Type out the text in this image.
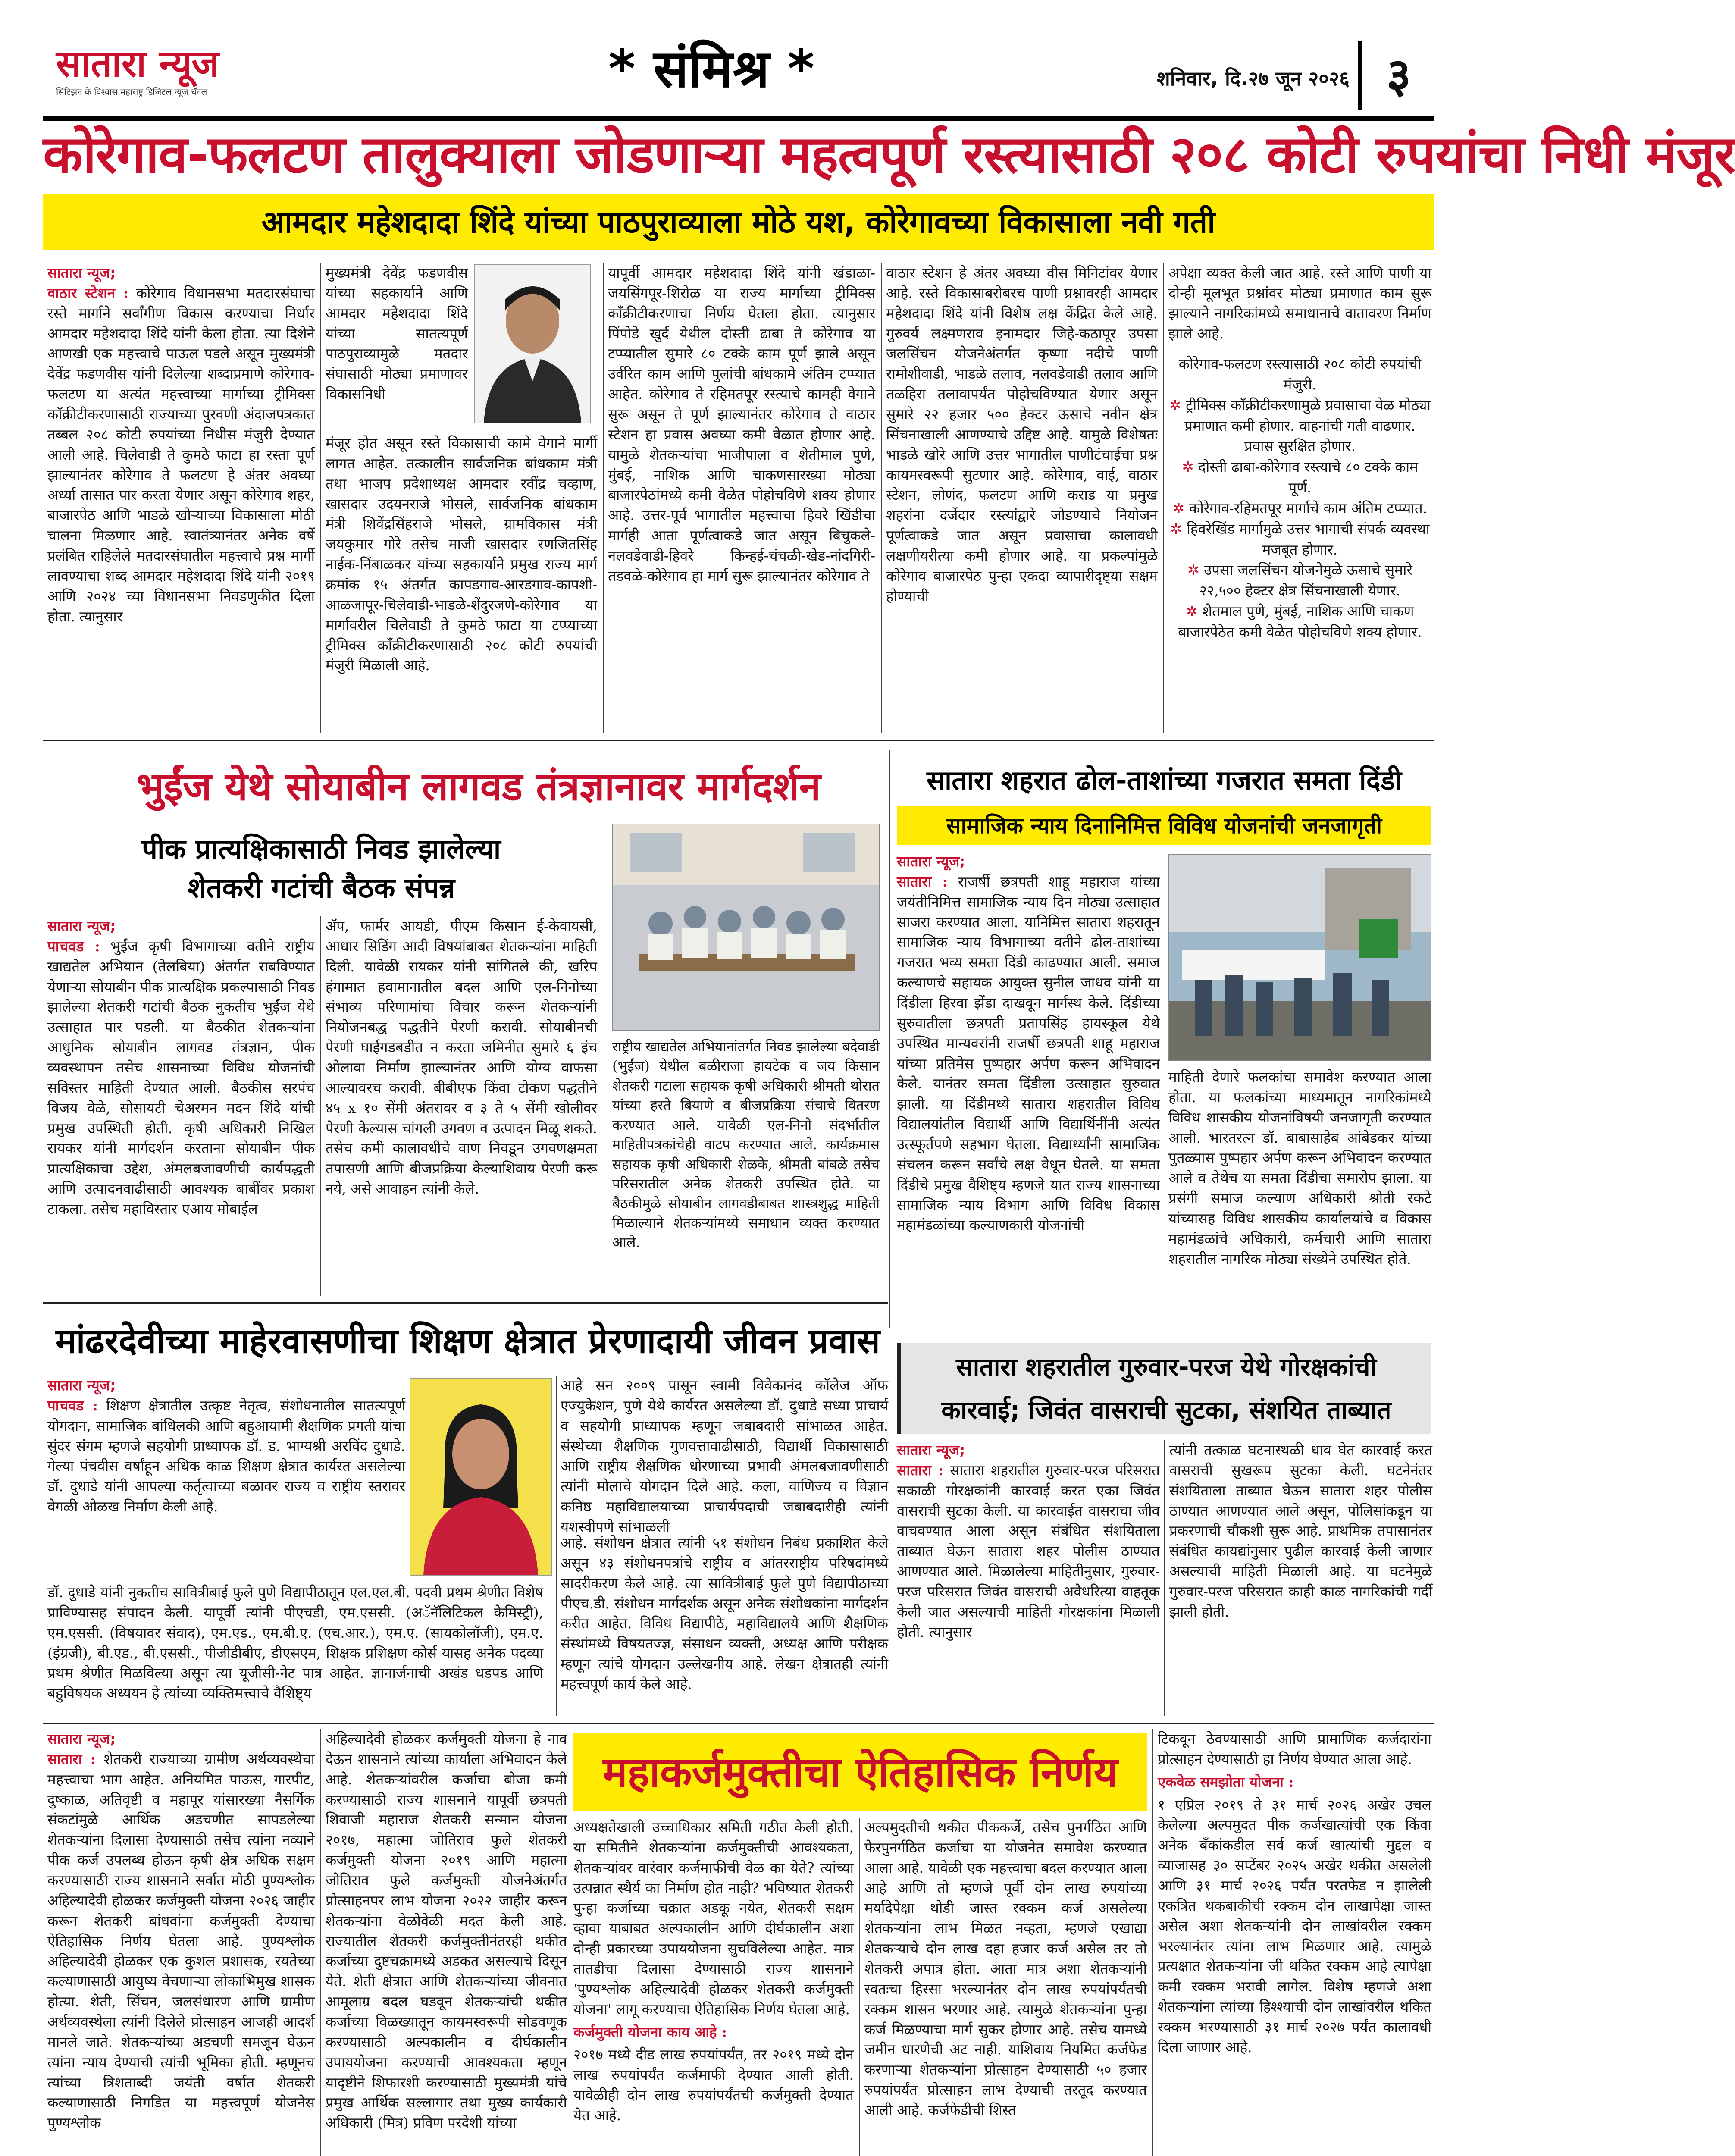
सातारा न्यूज
सिटिझन के विश्वास महाराष्ट्र डिजिटल न्यूज चॅनल	* संमिश्र *	शनिवार, दि.२७ जून २०२६ ३
कोरेगाव-फलटण तालुक्याला जोडणाऱ्या महत्वपूर्ण रस्त्यासाठी २०८ कोटी रुपयांचा निधी मंजूर
आमदार महेशदादा शिंदे यांच्या पाठपुराव्याला मोठे यश, कोरेगावच्या विकासाला नवी गती

सातारा न्यूज;
वाठार स्टेशन : कोरेगाव विधानसभा मतदारसंघाचा रस्ते मार्गाने सर्वांगीण विकास करण्याचा निर्धार आमदार महेशदादा शिंदे यांनी केला होता. त्या दिशेने आणखी एक महत्त्वाचे पाऊल पडले असून मुख्यमंत्री देवेंद्र फडणवीस यांनी दिलेल्या शब्दाप्रमाणे कोरेगाव-फलटण या अत्यंत महत्त्वाच्या मार्गाच्या ट्रीमिक्स काँक्रीटीकरणासाठी राज्याच्या पुरवणी अंदाजपत्रकात तब्बल २०८ कोटी रुपयांच्या निधीस मंजुरी देण्यात आली आहे. चिलेवाडी ते कुमठे फाटा हा रस्ता पूर्ण झाल्यानंतर कोरेगाव ते फलटण हे अंतर अवघ्या अर्ध्या तासात पार करता येणार असून कोरेगाव शहर, बाजारपेठ आणि भाडळे खोऱ्याच्या विकासाला मोठी चालना मिळणार आहे. स्वातंत्र्यानंतर अनेक वर्षे प्रलंबित राहिलेले मतदारसंघातील महत्त्वाचे प्रश्न मार्गी लावण्याचा शब्द आमदार महेशदादा शिंदे यांनी २०१९ आणि २०२४ च्या विधानसभा निवडणुकीत दिला होता. त्यानुसार

मुख्यमंत्री देवेंद्र फडणवीस यांच्या सहकार्याने आणि आमदार महेशदादा शिंदे यांच्या सातत्यपूर्ण पाठपुराव्यामुळे मतदार संघासाठी मोठ्या प्रमाणावर विकासनिधी
मंजूर होत असून रस्ते विकासाची कामे वेगाने मार्गी लागत आहेत. तत्कालीन सार्वजनिक बांधकाम मंत्री तथा भाजप प्रदेशाध्यक्ष आमदार रवींद्र चव्हाण, खासदार उदयनराजे भोसले, सार्वजनिक बांधकाम मंत्री शिवेंद्रसिंहराजे भोसले, ग्रामविकास मंत्री जयकुमार गोरे तसेच माजी खासदार रणजितसिंह नाईक-निंबाळकर यांच्या सहकार्याने प्रमुख राज्य मार्ग क्रमांक १५ अंतर्गत कापडगाव-आरडगाव-कापशी-आळजापूर-चिलेवाडी-भाडळे-शेंदुरजणे-कोरेगाव या मार्गावरील चिलेवाडी ते कुमठे फाटा या टप्प्याच्या ट्रीमिक्स काँक्रीटीकरणासाठी २०८ कोटी रुपयांची मंजुरी मिळाली आहे.
यापूर्वी आमदार महेशदादा शिंदे यांनी खंडाळा-जयसिंगपूर-शिरोळ या राज्य मार्गाच्या ट्रीमिक्स काँक्रीटीकरणाचा निर्णय घेतला होता. त्यानुसार पिंपोडे खुर्द येथील दोस्ती ढाबा ते कोरेगाव या टप्प्यातील सुमारे ८० टक्के काम पूर्ण झाले असून उर्वरित काम आणि पुलांची बांधकामे अंतिम टप्प्यात आहेत. कोरेगाव ते रहिमतपूर रस्त्याचे कामही वेगाने सुरू असून ते पूर्ण झाल्यानंतर कोरेगाव ते वाठार स्टेशन हा प्रवास अवघ्या कमी वेळात होणार आहे. यामुळे शेतकऱ्यांचा भाजीपाला व शेतीमाल पुणे, मुंबई, नाशिक आणि चाकणसारख्या मोठ्या बाजारपेठांमध्ये कमी वेळेत पोहोचविणे शक्य होणार आहे. उत्तर-पूर्व भागातील महत्त्वाचा हिवरे खिंडीचा मार्गही आता पूर्णत्वाकडे जात असून बिचुकले-नलवडेवाडी-हिवरे किन्हई-चंचळी-खेड-नांदगिरी-तडवळे-कोरेगाव हा मार्ग सुरू झाल्यानंतर कोरेगाव ते
वाठार स्टेशन हे अंतर अवघ्या वीस मिनिटांवर येणार आहे. रस्ते विकासाबरोबरच पाणी प्रश्नावरही आमदार महेशदादा शिंदे यांनी विशेष लक्ष केंद्रित केले आहे. गुरुवर्य लक्ष्मणराव इनामदार जिहे-कठापूर उपसा जलसिंचन योजनेअंतर्गत कृष्णा नदीचे पाणी रामोशीवाडी, भाडळे तलाव, नलवडेवाडी तलाव आणि तळहिरा तलावापर्यंत पोहोचविण्यात येणार असून सुमारे २२ हजार ५०० हेक्टर ऊसाचे नवीन क्षेत्र सिंचनाखाली आणण्याचे उद्दिष्ट आहे. यामुळे विशेषतः भाडळे खोरे आणि उत्तर भागातील पाणीटंचाईचा प्रश्न कायमस्वरूपी सुटणार आहे. कोरेगाव, वाई, वाठार स्टेशन, लोणंद, फलटण आणि कराड या प्रमुख शहरांना दर्जेदार रस्त्यांद्वारे जोडण्याचे नियोजन पूर्णत्वाकडे जात असून प्रवासाचा कालावधी लक्षणीयरीत्या कमी होणार आहे. या प्रकल्पांमुळे कोरेगाव बाजारपेठ पुन्हा एकदा व्यापारीदृष्ट्या सक्षम होण्याची
अपेक्षा व्यक्त केली जात आहे. रस्ते आणि पाणी या दोन्ही मूलभूत प्रश्नांवर मोठ्या प्रमाणात काम सुरू झाल्याने नागरिकांमध्ये समाधानाचे वातावरण निर्माण झाले आहे.
कोरेगाव-फलटण रस्त्यासाठी २०८ कोटी रुपयांची मंजुरी.
✲ ट्रीमिक्स काँक्रीटीकरणामुळे प्रवासाचा वेळ मोठ्या प्रमाणात कमी होणार. वाहनांची गती वाढणार. प्रवास सुरक्षित होणार.
✲ दोस्ती ढाबा-कोरेगाव रस्त्याचे ८० टक्के काम पूर्ण.
✲ कोरेगाव-रहिमतपूर मार्गाचे काम अंतिम टप्प्यात.
✲ हिवरेखिंड मार्गामुळे उत्तर भागाची संपर्क व्यवस्था मजबूत होणार.
✲ उपसा जलसिंचन योजनेमुळे ऊसाचे सुमारे २२,५०० हेक्टर क्षेत्र सिंचनाखाली येणार.
✲ शेतमाल पुणे, मुंबई, नाशिक आणि चाकण बाजारपेठेत कमी वेळेत पोहोचविणे शक्य होणार.
भुईंज येथे सोयाबीन लागवड तंत्रज्ञानावर मार्गदर्शन
पीक प्रात्यक्षिकासाठी निवड झालेल्या
शेतकरी गटांची बैठक संपन्न

सातारा न्यूज;
पाचवड : भुईंज कृषी विभागाच्या वतीने राष्ट्रीय खाद्यतेल अभियान (तेलबिया) अंतर्गत राबविण्यात येणाऱ्या सोयाबीन पीक प्रात्यक्षिक प्रकल्पासाठी निवड झालेल्या शेतकरी गटांची बैठक नुकतीच भुईंज येथे उत्साहात पार पडली. या बैठकीत शेतकऱ्यांना आधुनिक सोयाबीन लागवड तंत्रज्ञान, पीक व्यवस्थापन तसेच शासनाच्या विविध योजनांची सविस्तर माहिती देण्यात आली. बैठकीस सरपंच विजय वेळे, सोसायटी चेअरमन मदन शिंदे यांची प्रमुख उपस्थिती होती. कृषी अधिकारी निखिल रायकर यांनी मार्गदर्शन करताना सोयाबीन पीक प्रात्यक्षिकाचा उद्देश, अंमलबजावणीची कार्यपद्धती आणि उत्पादनवाढीसाठी आवश्यक बाबींवर प्रकाश टाकला. तसेच महाविस्तार एआय मोबाईल

ॲप, फार्मर आयडी, पीएम किसान ई-केवायसी, आधार सिडिंग आदी विषयांबाबत शेतकऱ्यांना माहिती दिली. यावेळी रायकर यांनी सांगितले की, खरिप हंगामात हवामानातील बदल आणि एल-निनोच्या संभाव्य परिणामांचा विचार करून शेतकऱ्यांनी नियोजनबद्ध पद्धतीने पेरणी करावी. सोयाबीनची पेरणी घाईगडबडीत न करता जमिनीत सुमारे ६ इंच ओलावा निर्माण झाल्यानंतर आणि योग्य वाफसा आल्यावरच करावी. बीबीएफ किंवा टोकण पद्धतीने ४५ x १० सेंमी अंतरावर व ३ ते ५ सेंमी खोलीवर पेरणी केल्यास चांगली उगवण व उत्पादन मिळू शकते. तसेच कमी कालावधीचे वाण निवडून उगवणक्षमता तपासणी आणि बीजप्रक्रिया केल्याशिवाय पेरणी करू नये, असे आवाहन त्यांनी केले.
राष्ट्रीय खाद्यतेल अभियानांतर्गत निवड झालेल्या बदेवाडी (भुईंज) येथील बळीराजा हायटेक व जय किसान शेतकरी गटाला सहायक कृषी अधिकारी श्रीमती थोरात यांच्या हस्ते बियाणे व बीजप्रक्रिया संचाचे वितरण करण्यात आले. यावेळी एल-निनो संदर्भातील माहितीपत्रकांचेही वाटप करण्यात आले. कार्यक्रमास सहायक कृषी अधिकारी शेळके, श्रीमती बांबळे तसेच परिसरातील अनेक शेतकरी उपस्थित होते. या बैठकीमुळे सोयाबीन लागवडीबाबत शास्त्रशुद्ध माहिती मिळाल्याने शेतकऱ्यांमध्ये समाधान व्यक्त करण्यात आले.
सातारा शहरात ढोल-ताशांच्या गजरात समता दिंडी
सामाजिक न्याय दिनानिमित्त विविध योजनांची जनजागृती

सातारा न्यूज;
सातारा : राजर्षी छत्रपती शाहू महाराज यांच्या जयंतीनिमित्त सामाजिक न्याय दिन मोठ्या उत्साहात साजरा करण्यात आला. यानिमित्त सातारा शहरातून सामाजिक न्याय विभागाच्या वतीने ढोल-ताशांच्या गजरात भव्य समता दिंडी काढण्यात आली. समाज कल्याणचे सहायक आयुक्त सुनील जाधव यांनी या दिंडीला हिरवा झेंडा दाखवून मार्गस्थ केले. दिंडीच्या सुरुवातीला छत्रपती प्रतापसिंह हायस्कूल येथे उपस्थित मान्यवरांनी राजर्षी छत्रपती शाहू महाराज यांच्या प्रतिमेस पुष्पहार अर्पण करून अभिवादन केले. यानंतर समता दिंडीला उत्साहात सुरुवात झाली. या दिंडीमध्ये सातारा शहरातील विविध विद्यालयांतील विद्यार्थी आणि विद्यार्थिनींनी अत्यंत उत्स्फूर्तपणे सहभाग घेतला. विद्यार्थ्यांनी सामाजिक संचलन करून सर्वांचे लक्ष वेधून घेतले. या समता दिंडीचे प्रमुख वैशिष्ट्य म्हणजे यात राज्य शासनाच्या सामाजिक न्याय विभाग आणि विविध विकास महामंडळांच्या कल्याणकारी योजनांची

माहिती देणारे फलकांचा समावेश करण्यात आला होता. या फलकांच्या माध्यमातून नागरिकांमध्ये विविध शासकीय योजनांविषयी जनजागृती करण्यात आली. भारतरत्न डॉ. बाबासाहेब आंबेडकर यांच्या पुतळ्यास पुष्पहार अर्पण करून अभिवादन करण्यात आले व तेथेच या समता दिंडीचा समारोप झाला. या प्रसंगी समाज कल्याण अधिकारी श्रोती रकटे यांच्यासह विविध शासकीय कार्यालयांचे व विकास महामंडळांचे अधिकारी, कर्मचारी आणि सातारा शहरातील नागरिक मोठ्या संख्येने उपस्थित होते.
मांढरदेवीच्या माहेरवासणीचा शिक्षण क्षेत्रात प्रेरणादायी जीवन प्रवास

सातारा न्यूज;
पाचवड : शिक्षण क्षेत्रातील उत्कृष्ट नेतृत्व, संशोधनातील सातत्यपूर्ण योगदान, सामाजिक बांधिलकी आणि बहुआयामी शैक्षणिक प्रगती यांचा सुंदर संगम म्हणजे सहयोगी प्राध्यापक डॉ. ड. भाग्यश्री अरविंद दुधाडे. गेल्या पंचवीस वर्षांहून अधिक काळ शिक्षण क्षेत्रात कार्यरत असलेल्या डॉ. दुधाडे यांनी आपल्या कर्तृत्वाच्या बळावर राज्य व राष्ट्रीय स्तरावर वेगळी ओळख निर्माण केली आहे.

डॉ. दुधाडे यांनी नुकतीच सावित्रीबाई फुले पुणे विद्यापीठातून एल.एल.बी. पदवी प्रथम श्रेणीत विशेष प्राविण्यासह संपादन केली. यापूर्वी त्यांनी पीएचडी, एम.एससी. (अॅनॅलिटिकल केमिस्ट्री), एम.एससी. (विषयावर संवाद), एम.एड., एम.बी.ए. (एच.आर.), एम.ए. (सायकोलॉजी), एम.ए. (इंग्रजी), बी.एड., बी.एससी., पीजीडीबीए, डीएसएम, शिक्षक प्रशिक्षण कोर्स यासह अनेक पदव्या प्रथम श्रेणीत मिळविल्या असून त्या यूजीसी-नेट पात्र आहेत. ज्ञानार्जनाची अखंड धडपड आणि बहुविषयक अध्ययन हे त्यांच्या व्यक्तिमत्त्वाचे वैशिष्ट्य
आहे सन २००९ पासून स्वामी विवेकानंद कॉलेज ऑफ एज्युकेशन, पुणे येथे कार्यरत असलेल्या डॉ. दुधाडे सध्या प्राचार्य व सहयोगी प्राध्यापक म्हणून जबाबदारी सांभाळत आहेत. संस्थेच्या शैक्षणिक गुणवत्तावाढीसाठी, विद्यार्थी विकासासाठी आणि राष्ट्रीय शैक्षणिक धोरणाच्या प्रभावी अंमलबजावणीसाठी त्यांनी मोलाचे योगदान दिले आहे. कला, वाणिज्य व विज्ञान कनिष्ठ महाविद्यालयाच्या प्राचार्यपदाची जबाबदारीही त्यांनी यशस्वीपणे सांभाळली
आहे. संशोधन क्षेत्रात त्यांनी ५१ संशोधन निबंध प्रकाशित केले असून ४३ संशोधनपत्रांचे राष्ट्रीय व आंतरराष्ट्रीय परिषदांमध्ये सादरीकरण केले आहे. त्या सावित्रीबाई फुले पुणे विद्यापीठाच्या पीएच.डी. संशोधन मार्गदर्शक असून अनेक संशोधकांना मार्गदर्शन करीत आहेत. विविध विद्यापीठे, महाविद्यालये आणि शैक्षणिक संस्थांमध्ये विषयतज्ज्ञ, संसाधन व्यक्ती, अध्यक्ष आणि परीक्षक म्हणून त्यांचे योगदान उल्लेखनीय आहे. लेखन क्षेत्रातही त्यांनी महत्त्वपूर्ण कार्य केले आहे.
सातारा शहरातील गुरुवार-परज येथे गोरक्षकांची
कारवाई; जिवंत वासराची सुटका, संशयित ताब्यात

सातारा न्यूज;
सातारा : सातारा शहरातील गुरुवार-परज परिसरात सकाळी गोरक्षकांनी कारवाई करत एका जिवंत वासराची सुटका केली. या कारवाईत वासराचा जीव वाचवण्यात आला असून संबंधित संशयिताला ताब्यात घेऊन सातारा शहर पोलीस ठाण्यात आणण्यात आले. मिळालेल्या माहितीनुसार, गुरुवार-परज परिसरात जिवंत वासराची अवैधरित्या वाहतूक केली जात असल्याची माहिती गोरक्षकांना मिळाली होती. त्यानुसार

त्यांनी तत्काळ घटनास्थळी धाव घेत कारवाई करत वासराची सुखरूप सुटका केली. घटनेनंतर संशयिताला ताब्यात घेऊन सातारा शहर पोलीस ठाण्यात आणण्यात आले असून, पोलिसांकडून या प्रकरणाची चौकशी सुरू आहे. प्राथमिक तपासानंतर संबंधित कायद्यांनुसार पुढील कारवाई केली जाणार असल्याची माहिती मिळाली आहे. या घटनेमुळे गुरुवार-परज परिसरात काही काळ नागरिकांची गर्दी झाली होती.

सातारा न्यूज;
सातारा : शेतकरी राज्याच्या ग्रामीण अर्थव्यवस्थेचा महत्त्वाचा भाग आहेत. अनियमित पाऊस, गारपीट, दुष्काळ, अतिवृष्टी व महापूर यांसारख्या नैसर्गिक संकटांमुळे आर्थिक अडचणीत सापडलेल्या शेतकऱ्यांना दिलासा देण्यासाठी तसेच त्यांना नव्याने पीक कर्ज उपलब्ध होऊन कृषी क्षेत्र अधिक सक्षम करण्यासाठी राज्य शासनाने सर्वात मोठी पुण्यश्लोक अहिल्यादेवी होळकर कर्जमुक्ती योजना २०२६ जाहीर करून शेतकरी बांधवांना कर्जमुक्ती देण्याचा ऐतिहासिक निर्णय घेतला आहे. पुण्यश्लोक अहिल्यादेवी होळकर एक कुशल प्रशासक, रयतेच्या कल्याणासाठी आयुष्य वेचणाऱ्या लोकाभिमुख शासक होत्या. शेती, सिंचन, जलसंधारण आणि ग्रामीण अर्थव्यवस्थेला त्यांनी दिलेले प्रोत्साहन आजही आदर्श मानले जाते. शेतकऱ्यांच्या अडचणी समजून घेऊन त्यांना न्याय देण्याची त्यांची भूमिका होती. म्हणूनच त्यांच्या त्रिशताब्दी जयंती वर्षात शेतकरी कल्याणासाठी निगडित या महत्त्वपूर्ण योजनेस पुण्यश्लोक

अहिल्यादेवी होळकर कर्जमुक्ती योजना हे नाव देऊन शासनाने त्यांच्या कार्याला अभिवादन केले आहे. शेतकऱ्यांवरील कर्जाचा बोजा कमी करण्यासाठी राज्य शासनाने यापूर्वी छत्रपती शिवाजी महाराज शेतकरी सन्मान योजना २०१७, महात्मा जोतिराव फुले शेतकरी कर्जमुक्ती योजना २०१९ आणि महात्मा जोतिराव फुले कर्जमुक्ती योजनेअंतर्गत प्रोत्साहनपर लाभ योजना २०२२ जाहीर करून शेतकऱ्यांना वेळोवेळी मदत केली आहे. राज्यातील शेतकरी कर्जमुक्तीनंतरही थकीत कर्जाच्या दुष्टचक्रामध्ये अडकत असल्याचे दिसून येते. शेती क्षेत्रात आणि शेतकऱ्यांच्या जीवनात आमूलाग्र बदल घडवून शेतकऱ्यांची थकीत कर्जाच्या विळख्यातून कायमस्वरूपी सोडवणूक करण्यासाठी अल्पकालीन व दीर्घकालीन उपाययोजना करण्याची आवश्यकता म्हणून यादृष्टीने शिफारशी करण्यासाठी मुख्यमंत्री यांचे प्रमुख आर्थिक सल्लागार तथा मुख्य कार्यकारी अधिकारी (मित्र) प्रविण परदेशी यांच्या
महाकर्जमुक्तीचा ऐतिहासिक निर्णय

अध्यक्षतेखाली उच्चाधिकार समिती गठीत केली होती. या समितीने शेतकऱ्यांना कर्जमुक्तीची आवश्यकता, शेतकऱ्यांवर वारंवार कर्जमाफीची वेळ का येते? त्यांच्या उत्पन्नात स्थैर्य का निर्माण होत नाही? भविष्यात शेतकरी पुन्हा कर्जाच्या चक्रात अडकू नयेत, शेतकरी सक्षम व्हावा याबाबत अल्पकालीन आणि दीर्घकालीन अशा दोन्ही प्रकारच्या उपाययोजना सुचविलेल्या आहेत. मात्र तातडीचा दिलासा देण्यासाठी राज्य शासनाने 'पुण्यश्लोक अहिल्यादेवी होळकर शेतकरी कर्जमुक्ती योजना' लागू करण्याचा ऐतिहासिक निर्णय घेतला आहे.

कर्जमुक्ती योजना काय आहे :

२०१७ मध्ये दीड लाख रुपयांपर्यंत, तर २०१९ मध्ये दोन लाख रुपयांपर्यंत कर्जमाफी देण्यात आली होती. यावेळीही दोन लाख रुपयांपर्यंतची कर्जमुक्ती देण्यात येत आहे.

अल्पमुदतीची थकीत पीककर्जे, तसेच पुनर्गठित आणि फेरपुनर्गठित कर्जाचा या योजनेत समावेश करण्यात आला आहे. यावेळी एक महत्त्वाचा बदल करण्यात आला आहे आणि तो म्हणजे पूर्वी दोन लाख रुपयांच्या मर्यादेपेक्षा थोडी जास्त रक्कम कर्ज असलेल्या शेतकऱ्यांना लाभ मिळत नव्हता, म्हणजे एखाद्या शेतकऱ्याचे दोन लाख दहा हजार कर्ज असेल तर तो शेतकरी अपात्र होता. आता मात्र अशा शेतकऱ्यांनी स्वतःचा हिस्सा भरल्यानंतर दोन लाख रुपयांपर्यंतची रक्कम शासन भरणार आहे. त्यामुळे शेतकऱ्यांना पुन्हा कर्ज मिळण्याचा मार्ग सुकर होणार आहे. तसेच यामध्ये जमीन धारणेची अट नाही. याशिवाय नियमित कर्जफेड करणाऱ्या शेतकऱ्यांना प्रोत्साहन देण्यासाठी ५० हजार रुपयांपर्यंत प्रोत्साहन लाभ देण्याची तरतूद करण्यात आली आहे. कर्जफेडीची शिस्त

टिकवून ठेवण्यासाठी आणि प्रामाणिक कर्जदारांना प्रोत्साहन देण्यासाठी हा निर्णय घेण्यात आला आहे.

एकवेळ समझोता योजना :

१ एप्रिल २०१९ ते ३१ मार्च २०२६ अखेर उचल केलेल्या अल्पमुदत पीक कर्जखात्यांची एक किंवा अनेक बँकांकडील सर्व कर्ज खात्यांची मुद्दल व व्याजासह ३० सप्टेंबर २०२५ अखेर थकीत असलेली आणि ३१ मार्च २०२६ पर्यंत परतफेड न झालेली एकत्रित थकबाकीची रक्कम दोन लाखापेक्षा जास्त असेल अशा शेतकऱ्यांनी दोन लाखांवरील रक्कम भरल्यानंतर त्यांना लाभ मिळणार आहे. त्यामुळे प्रत्यक्षात शेतकऱ्यांना जी थकित रक्कम आहे त्यापेक्षा कमी रक्कम भरावी लागेल. विशेष म्हणजे अशा शेतकऱ्यांना त्यांच्या हिश्श्याची दोन लाखांवरील थकित रक्कम भरण्यासाठी ३१ मार्च २०२७ पर्यंत कालावधी दिला जाणार आहे.
